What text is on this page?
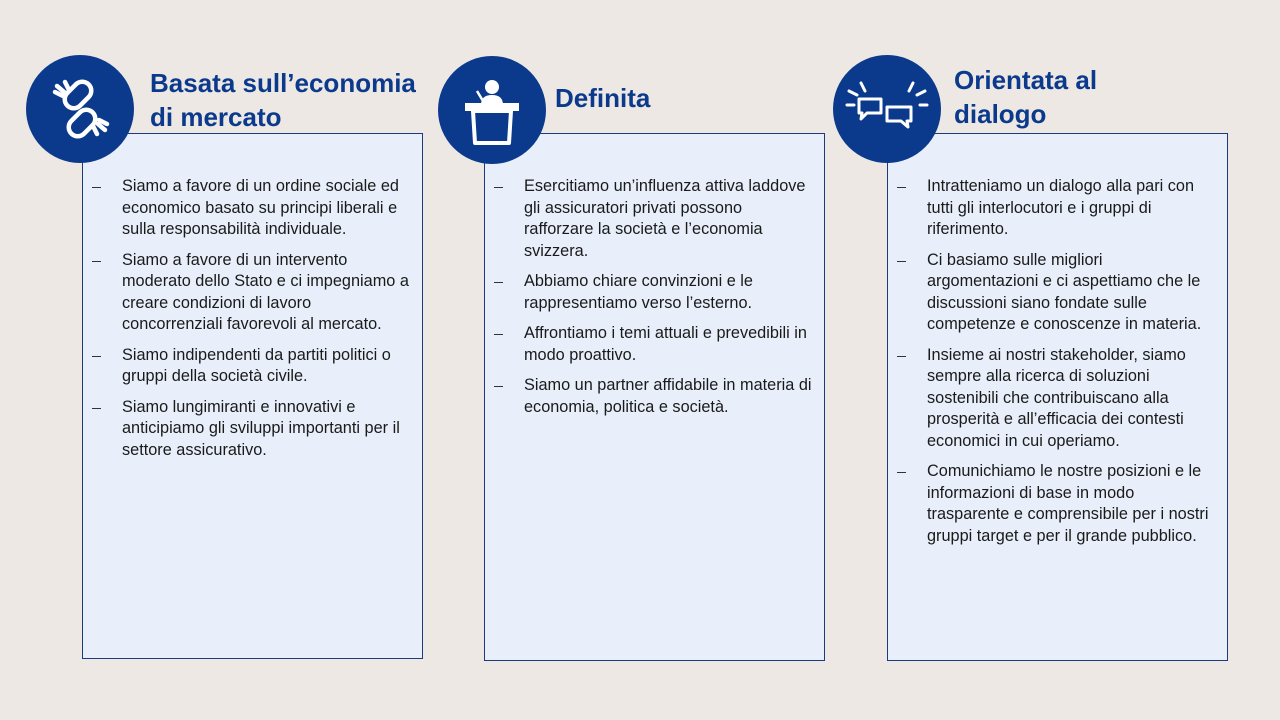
Basata sull’economia
di mercato
Siamo a favore di un ordine sociale ed economico basato su principi liberali e sulla responsabilità individuale.
Siamo a favore di un intervento moderato dello Stato e ci impegniamo a creare condizioni di lavoro concorrenziali favorevoli al mercato.
Siamo indipendenti da partiti politici o gruppi della società civile.
Siamo lungimiranti e innovativi e anticipiamo gli sviluppi importanti per il settore assicurativo.
Definita
Esercitiamo un’influenza attiva laddove gli assicuratori privati possono rafforzare la società e l’economia svizzera.
Abbiamo chiare convinzioni e le rappresentiamo verso l’esterno.
Affrontiamo i temi attuali e prevedibili in modo proattivo.
Siamo un partner affidabile in materia di economia, politica e società.
Orientata al
dialogo
Intratteniamo un dialogo alla pari con tutti gli interlocutori e i gruppi di riferimento.
Ci basiamo sulle migliori argomentazioni e ci aspettiamo che le discussioni siano fondate sulle competenze e conoscenze in materia.
Insieme ai nostri stakeholder, siamo sempre alla ricerca di soluzioni sostenibili che contribuiscano alla prosperità e all’efficacia dei contesti economici in cui operiamo.
Comunichiamo le nostre posizioni e le informazioni di base in modo trasparente e comprensibile per i nostri gruppi target e per il grande pubblico.
